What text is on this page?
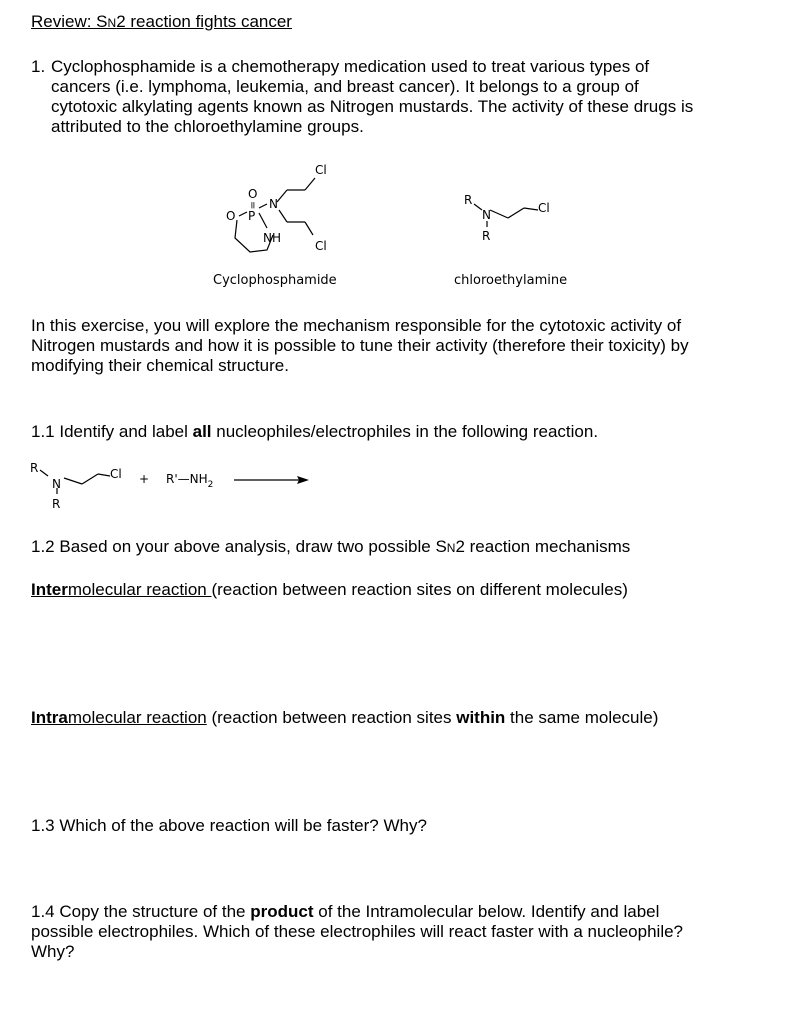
Review: SN2 reaction fights cancer
1. Cyclophosphamide is a chemotherapy medication used to treat various types of
cancers (i.e. lymphoma, leukemia, and breast cancer). It belongs to a group of
cytotoxic alkylating agents known as Nitrogen mustards. The activity of these drugs is
attributed to the chloroethylamine groups.
O
=
O P
N
NH
Cl
Cl
Cyclophosphamide
R
N
R
Cl
chloroethylamine
In this exercise, you will explore the mechanism responsible for the cytotoxic activity of
Nitrogen mustards and how it is possible to tune their activity (therefore their toxicity) by
modifying their chemical structure.
1.1 Identify and label all nucleophiles/electrophiles in the following reaction.
R
N
R
$Cl + R'—NH_2$
1.2 Based on your above analysis, draw two possible SN2 reaction mechanisms
Intermolecular reaction (reaction between reaction sites on different molecules)
Intramolecular reaction (reaction between reaction sites within the same molecule)
1.3 Which of the above reaction will be faster? Why?
1.4 Copy the structure of the product of the Intramolecular below. Identify and label
possible electrophiles. Which of these electrophiles will react faster with a nucleophile?
Why?
